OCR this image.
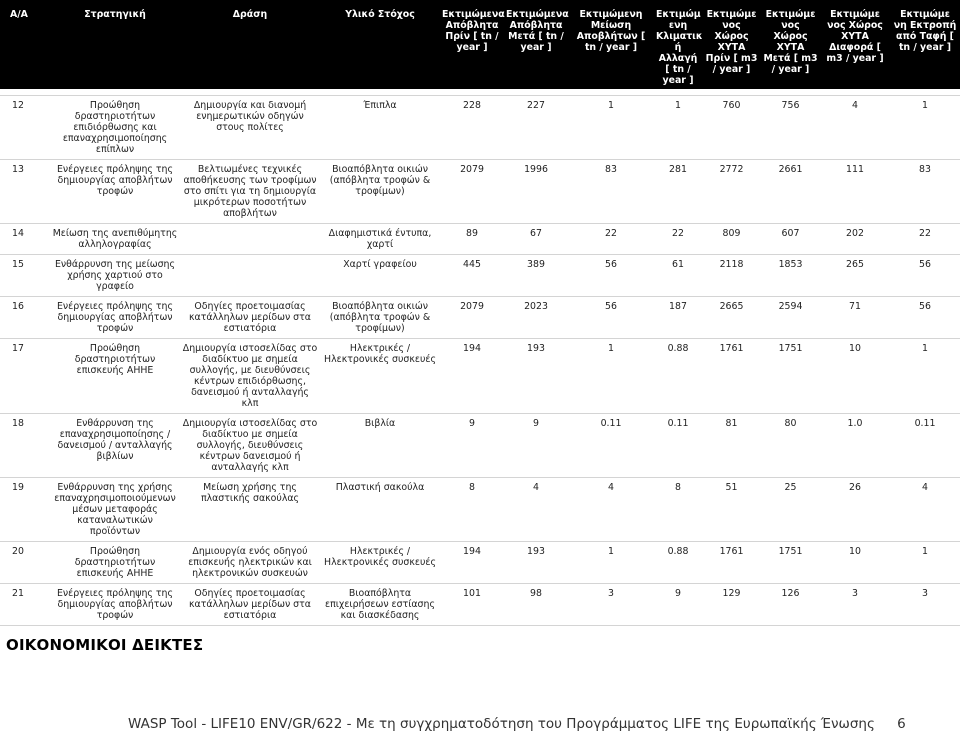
Α/Α	Στρατηγική	Δράση	Υλικό Στόχος	Εκτιμώμενα Απόβλητα Πρίν [ tn / year ]	Εκτιμώμενα Απόβλητα Μετά [ tn / year ]	Εκτιμώμενη Μείωση Αποβλήτων [ tn / year ]	Εκτιμώμ ενη Κλιματικ ή Αλλαγή [ tn / year ]	Εκτιμώμε νος Χώρος ΧΥΤΑ Πρίν [ m3 / year ]	Εκτιμώμε νος Χώρος ΧΥΤΑ Μετά [ m3 / year ]	Εκτιμώμε νος Χώρος ΧΥΤΑ Διαφορά [ m3 / year ]	Εκτιμώμε νη Εκτροπή από Ταφή [ tn / year ]

12	Προώθηση δραστηριοτήτων επιδιόρθωσης και επαναχρησιμοποίησης επίπλων	Δημιουργία και διανομή ενημερωτικών οδηγών στους πολίτες	Έπιπλα	228	227	1	1	760	756	4	1
13	Ενέργειες πρόληψης της δημιουργίας αποβλήτων τροφών	Βελτιωμένες τεχνικές αποθήκευσης των τροφίμων στο σπίτι για τη δημιουργία μικρότερων ποσοτήτων αποβλήτων	Βιοαπόβλητα οικιών (απόβλητα τροφών & τροφίμων)	2079	1996	83	281	2772	2661	111	83
14	Μείωση της ανεπιθύμητης αλληλογραφίας		Διαφημιστικά έντυπα, χαρτί	89	67	22	22	809	607	202	22
15	Ενθάρρυνση της μείωσης χρήσης χαρτιού στο γραφείο		Χαρτί γραφείου	445	389	56	61	2118	1853	265	56
16	Ενέργειες πρόληψης της δημιουργίας αποβλήτων τροφών	Οδηγίες προετοιμασίας κατάλληλων μερίδων στα εστιατόρια	Βιοαπόβλητα οικιών (απόβλητα τροφών & τροφίμων)	2079	2023	56	187	2665	2594	71	56
17	Προώθηση δραστηριοτήτων επισκευής ΑΗΗΕ	Δημιουργία ιστοσελίδας στο διαδίκτυο με σημεία συλλογής, με διευθύνσεις κέντρων επιδιόρθωσης, δανεισμού ή ανταλλαγής κλπ	Ηλεκτρικές / Ηλεκτρονικές συσκευές	194	193	1	0.88	1761	1751	10	1
18	Ενθάρρυνση της επαναχρησιμοποίησης / δανεισμού / ανταλλαγής βιβλίων	Δημιουργία ιστοσελίδας στο διαδίκτυο με σημεία συλλογής, διευθύνσεις κέντρων δανεισμού ή ανταλλαγής κλπ	Βιβλία	9	9	0.11	0.11	81	80	1.0	0.11
19	Ενθάρρυνση της χρήσης επαναχρησιμοποιούμενων μέσων μεταφοράς καταναλωτικών προϊόντων	Μείωση χρήσης της πλαστικής σακούλας	Πλαστική σακούλα	8	4	4	8	51	25	26	4
20	Προώθηση δραστηριοτήτων επισκευής ΑΗΗΕ	Δημιουργία ενός οδηγού επισκευής ηλεκτρικών και ηλεκτρονικών συσκευών	Ηλεκτρικές / Ηλεκτρονικές συσκευές	194	193	1	0.88	1761	1751	10	1
21	Ενέργειες πρόληψης της δημιουργίας αποβλήτων τροφών	Οδηγίες προετοιμασίας κατάλληλων μερίδων στα εστιατόρια	Βιοαπόβλητα επιχειρήσεων εστίασης και διασκέδασης	101	98	3	9	129	126	3	3
ΟΙΚΟΝΟΜΙΚΟΙ ΔΕΙΚΤΕΣ
WASP Tool - LIFE10 ENV/GR/622 - Με τη συγχρηματοδότηση του Προγράμματος LIFE της Ευρωπαϊκής Ένωσης 6
